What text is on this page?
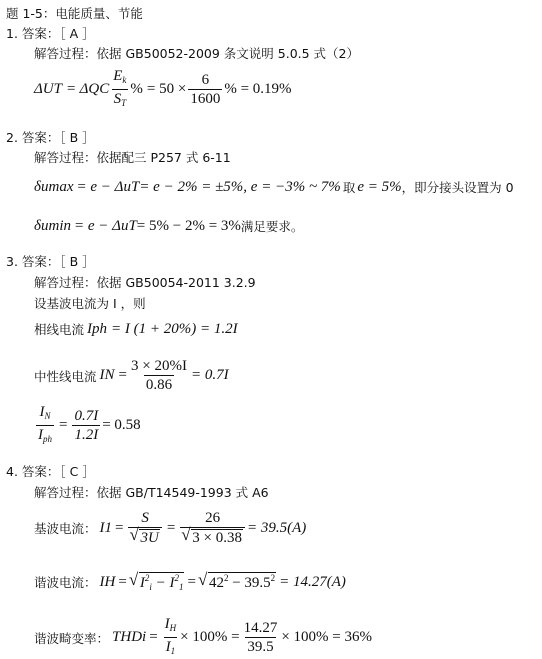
题 1-5：电能质量、节能
1. 答案：［ A ］
解答过程：依据 GB50052-2009 条文说明 5.0.5 式（2）
ΔU T = ΔQ C $\frac{E_k}{S_T}$ % = $50 \times \frac{6}{1600}$ % = 0.19%
2. 答案：［ B ］
解答过程：依据配三 P257 式 6-11
δu max = e − Δu T = e − 2% = ±5%, e = −3% ~ 7% 取 e = 5% ，即分接头设置为 0
δu min = e − Δu T = 5% − 2% = 3% 满足要求。
3. 答案：［ B ］
解答过程：依据 GB50054-2011 3.2.9
设基波电流为 I ，则
相线电流 I ph = I (1 + 20%) = 1.2I
中性线电流 I $N = \frac{3 \times 20\%I}{0.86} = 0.7I$
$\frac{I_N}{I_{ph}} = \frac{0.7I}{1.2I} = 0.58$
4. 答案：［ C ］
解答过程：依据 GB/T14549-1993 式 A6
基波电流： I 1 = S
√ 3U = 26
√ 3 × 0.38 = 39.5(A)
谐波电流： I H = √ $I^2_i - I^2_1$ = √ $42^2 - 39.5^2 = 14.27(A)$
谐波畸变率： THD $i = \frac{I_H}{I_1} \times 100\% = \frac{14.27}{39.5} \times 100\% = 36\%$
